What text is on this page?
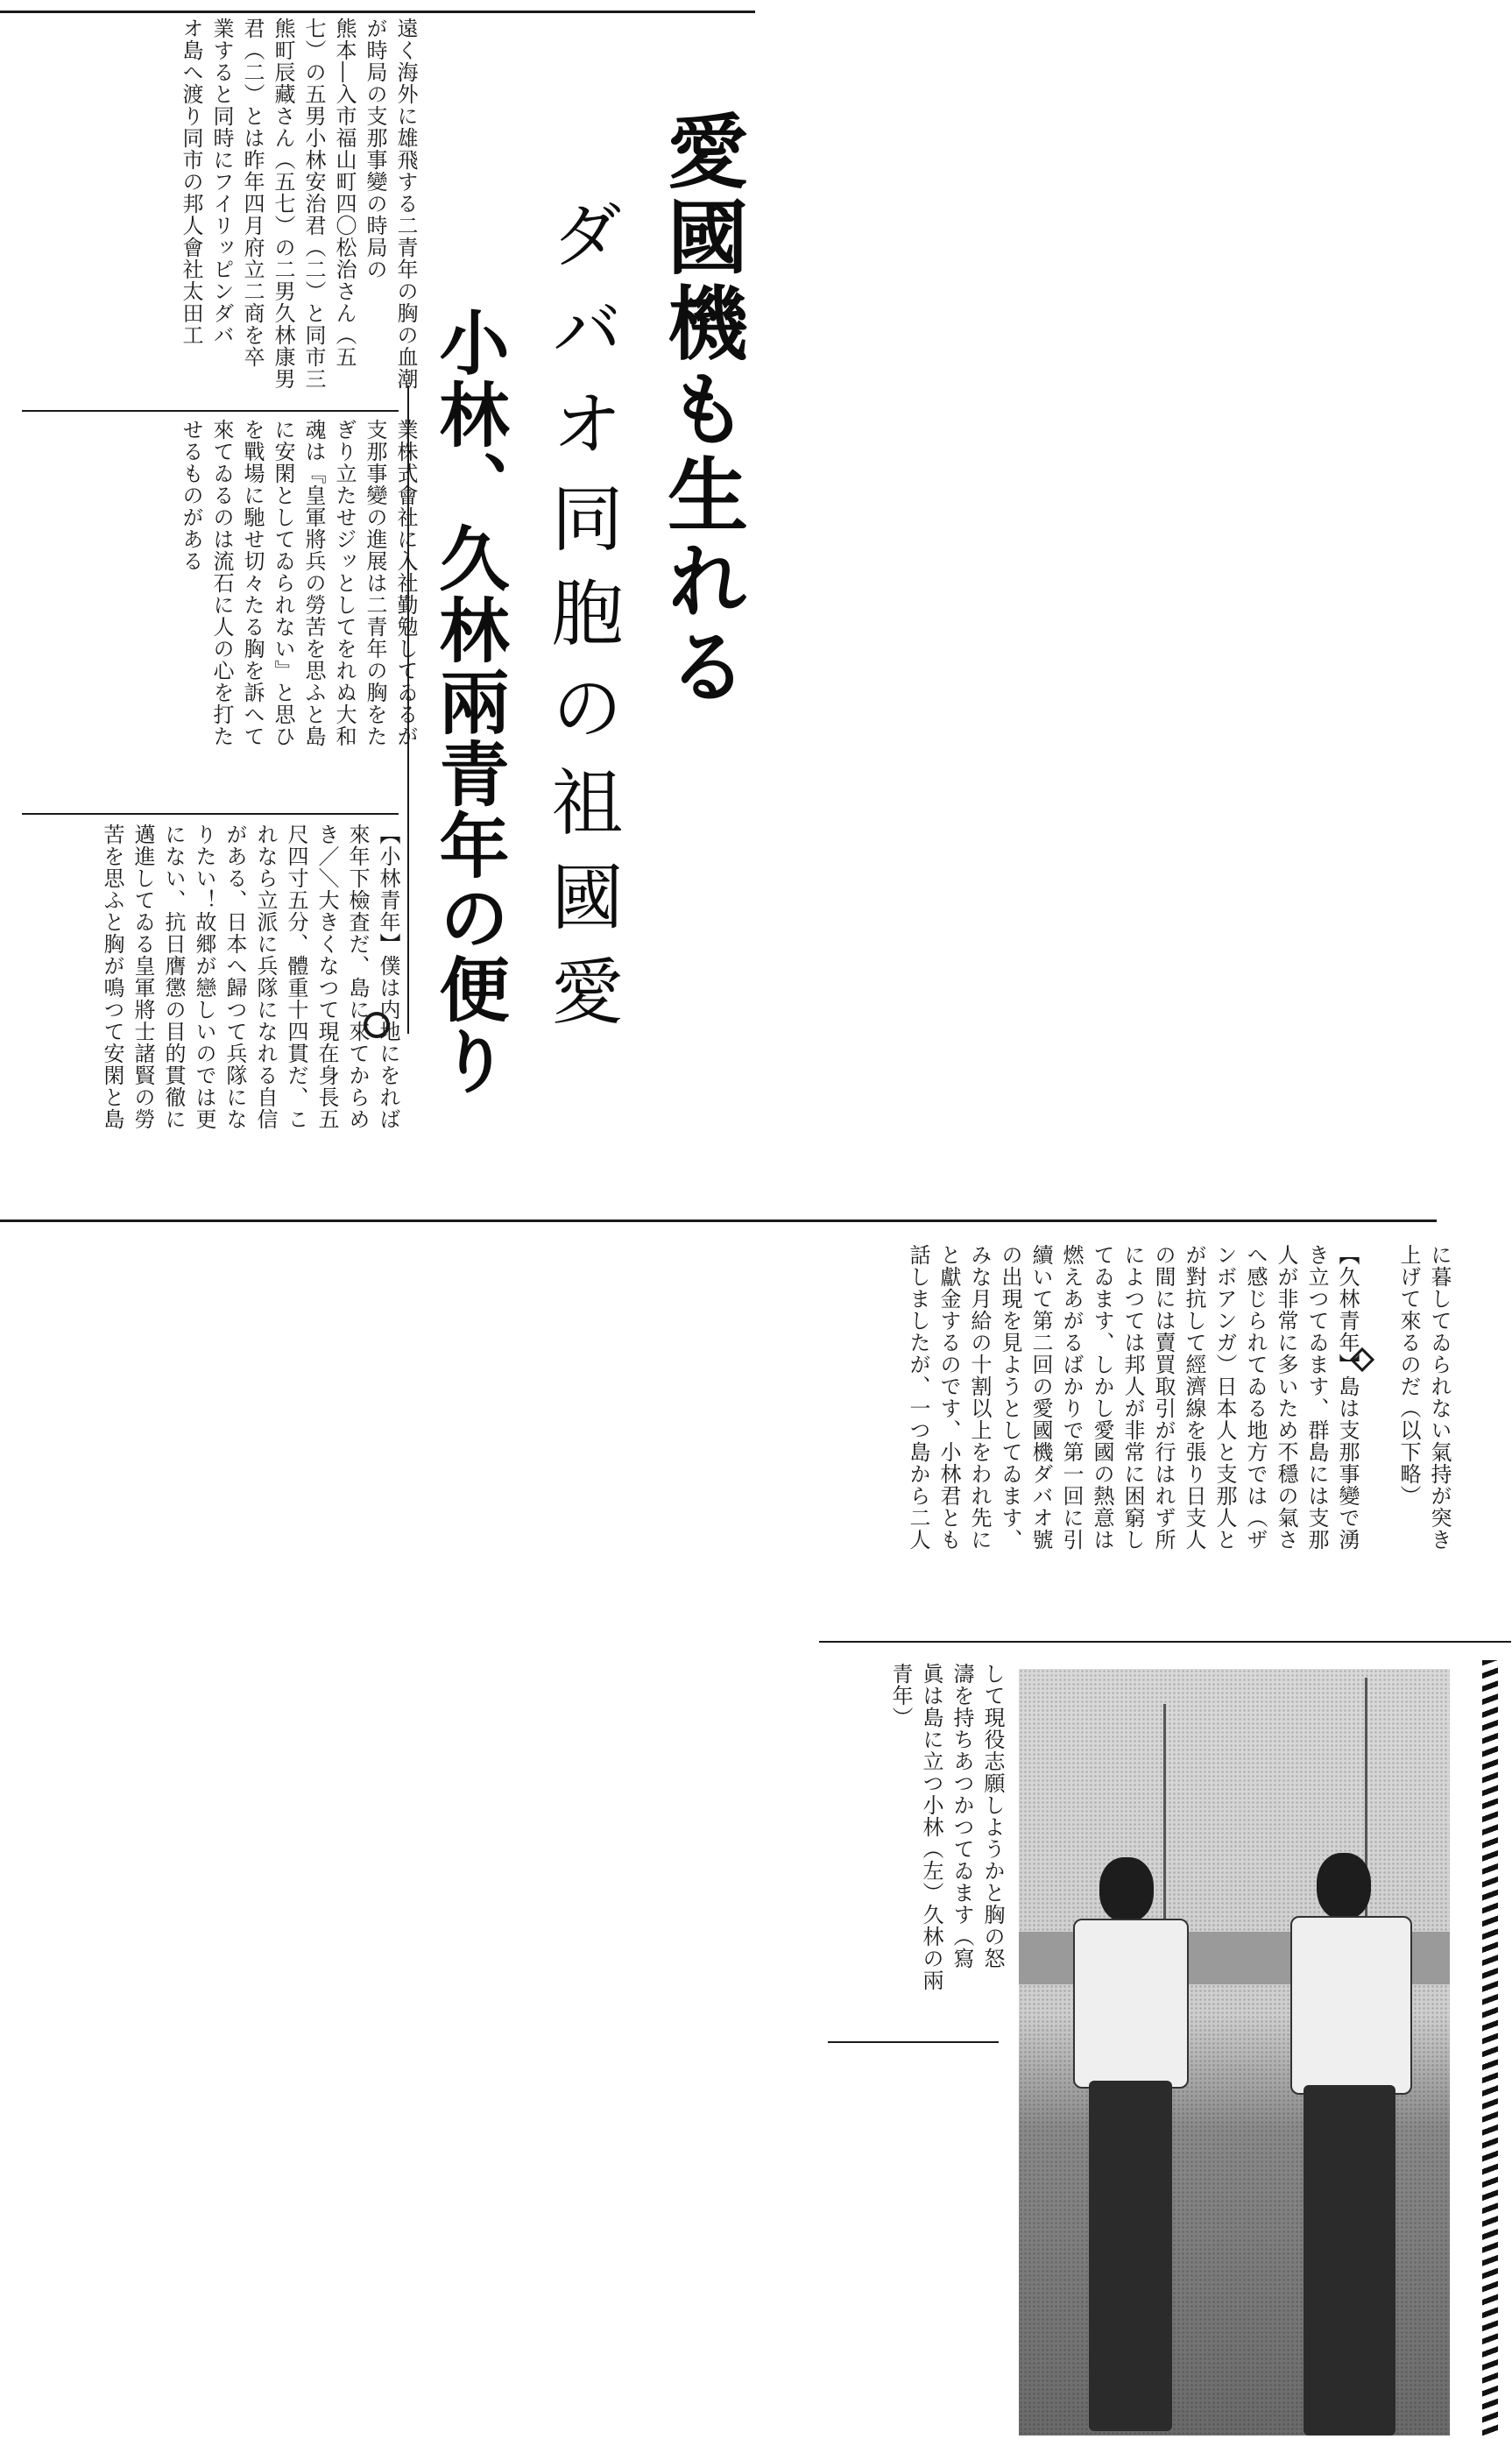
遠く海外に雄飛する二青年の胸の血潮が時局の支那事變の時局の
熊本―入市福山町四〇松治さん（五
七）の五男小林安治君（二）と同市三
熊町辰藏さん（五七）の二男久林康男
君（二）とは昨年四月府立二商を卒
業すると同時にフイリッピンダバ
オ島へ渡り同市の邦人會社太田工

業株式會社に入社勤勉してゐるが
支那事變の進展は二青年の胸をた
ぎり立たせジッとしてをれぬ大和
魂は『皇軍將兵の勞苦を思ふと島
に安閑としてゐられない』と思ひ
を戰場に馳せ切々たる胸を訴へて
來てゐるのは流石に人の心を打た
せるものがある

【小林青年】僕は内地にをれば
來年下檢査だ、島に來てからめ
き／＼大きくなつて現在身長五
尺四寸五分、體重十四貫だ、こ
れなら立派に兵隊になれる自信
がある、日本へ歸つて兵隊にな
りたい！故郷が戀しいのでは更
にない、抗日膺懲の目的貫徹に
邁進してゐる皇軍將士諸賢の勞
苦を思ふと胸が鳴つて安閑と島

愛國機も生れる
ダバオ同胞の祖國愛
小林、久林兩青年の便り
に暮してゐられない氣持が突き
上げて來るのだ（以下略）

【久林青年】島は支那事變で湧
き立つてゐます、群島には支那
人が非常に多いため不穩の氣さ
へ感じられてゐる地方では（ザ
ンボアンガ）日本人と支那人と
が對抗して經濟線を張り日支人
の間には賣買取引が行はれず所
によつては邦人が非常に困窮し
てゐます、しかし愛國の熱意は
燃えあがるばかりで第一回に引
續いて第二回の愛國機ダバオ號
の出現を見ようとしてゐます、
みな月給の十割以上をわれ先に
と獻金するのです、小林君とも
話しましたが、一つ島から二人

して現役志願しようかと胸の怒
濤を持ちあつかつてゐます（寫
眞は島に立つ小林（左）久林の兩
青年）
